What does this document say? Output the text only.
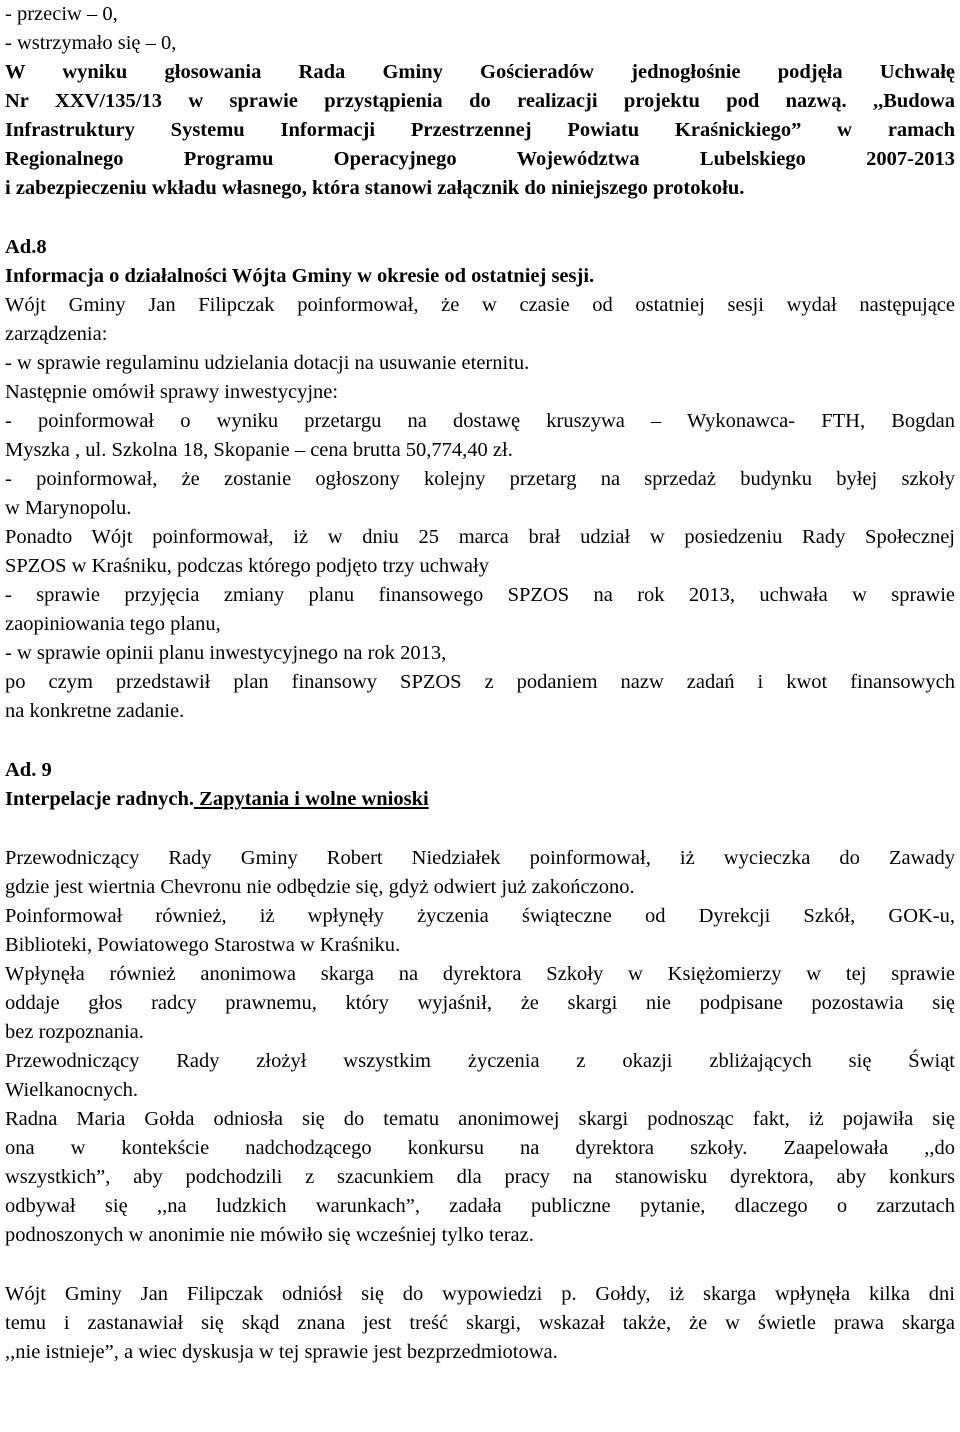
- przeciw – 0,

- wstrzymało się – 0,

W wyniku głosowania Rada Gminy Gościeradów jednogłośnie podjęła Uchwałę

Nr XXV/135/13 w sprawie przystąpienia do realizacji projektu pod nazwą. ,,Budowa

Infrastruktury Systemu Informacji Przestrzennej Powiatu Kraśnickiego” w ramach

Regionalnego Programu Operacyjnego Województwa Lubelskiego 2007-2013

i zabezpieczeniu wkładu własnego, która stanowi załącznik do niniejszego protokołu.

Ad.8

Informacja o działalności Wójta Gminy w okresie od ostatniej sesji.

Wójt Gminy Jan Filipczak poinformował, że w czasie od ostatniej sesji wydał następujące

zarządzenia:

- w sprawie regulaminu udzielania dotacji na usuwanie eternitu.

Następnie omówił sprawy inwestycyjne:

- poinformował o wyniku przetargu na dostawę kruszywa – Wykonawca- FTH, Bogdan

Myszka , ul. Szkolna 18, Skopanie – cena brutta 50,774,40 zł.

- poinformował, że zostanie ogłoszony kolejny przetarg na sprzedaż budynku byłej szkoły

w Marynopolu.

Ponadto Wójt poinformował, iż w dniu 25 marca brał udział w posiedzeniu Rady Społecznej

SPZOS w Kraśniku, podczas którego podjęto trzy uchwały

- sprawie przyjęcia zmiany planu finansowego SPZOS na rok 2013, uchwała w sprawie

zaopiniowania tego planu,

- w sprawie opinii planu inwestycyjnego na rok 2013,

po czym przedstawił plan finansowy SPZOS z podaniem nazw zadań i kwot finansowych

na konkretne zadanie.

Ad. 9

Interpelacje radnych. Zapytania i wolne wnioski

Przewodniczący Rady Gminy Robert Niedziałek poinformował, iż wycieczka do Zawady

gdzie jest wiertnia Chevronu nie odbędzie się, gdyż odwiert już zakończono.

Poinformował również, iż wpłynęły życzenia świąteczne od Dyrekcji Szkół, GOK-u,

Biblioteki, Powiatowego Starostwa w Kraśniku.

Wpłynęła również anonimowa skarga na dyrektora Szkoły w Księżomierzy w tej sprawie

oddaje głos radcy prawnemu, który wyjaśnił, że skargi nie podpisane pozostawia się

bez rozpoznania.

Przewodniczący Rady złożył wszystkim życzenia z okazji zbliżających się Świąt

Wielkanocnych.

Radna Maria Gołda odniosła się do tematu anonimowej skargi podnosząc fakt, iż pojawiła się

ona w kontekście nadchodzącego konkursu na dyrektora szkoły. Zaapelowała ,,do

wszystkich”, aby podchodzili z szacunkiem dla pracy na stanowisku dyrektora, aby konkurs

odbywał się ,,na ludzkich warunkach”, zadała publiczne pytanie, dlaczego o zarzutach

podnoszonych w anonimie nie mówiło się wcześniej tylko teraz.

Wójt Gminy Jan Filipczak odniósł się do wypowiedzi p. Gołdy, iż skarga wpłynęła kilka dni

temu i zastanawiał się skąd znana jest treść skargi, wskazał także, że w świetle prawa skarga

,,nie istnieje”, a wiec dyskusja w tej sprawie jest bezprzedmiotowa.
